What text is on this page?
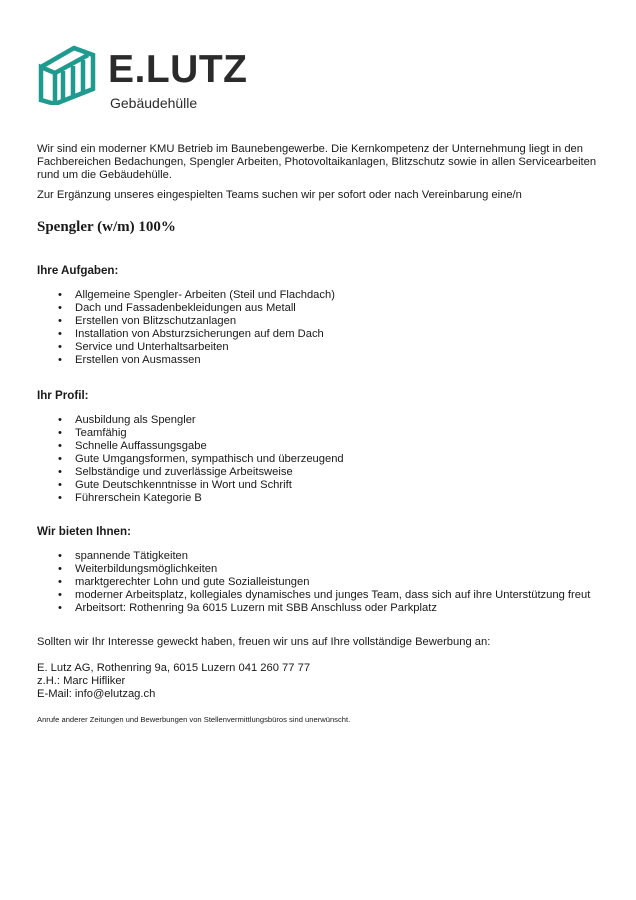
E.LUTZ
Gebäudehülle

Wir sind ein moderner KMU Betrieb im Baunebengewerbe. Die Kernkompetenz der Unternehmung liegt in den Fachbereichen Bedachungen, Spengler Arbeiten, Photovoltaikanlagen, Blitzschutz sowie in allen Servicearbeiten rund um die Gebäudehülle.

Zur Ergänzung unseres eingespielten Teams suchen wir per sofort oder nach Vereinbarung eine/n

Spengler (w/m) 100%

Ihre Aufgaben:

• Allgemeine Spengler- Arbeiten (Steil und Flachdach)
• Dach und Fassadenbekleidungen aus Metall
• Erstellen von Blitzschutzanlagen
• Installation von Absturzsicherungen auf dem Dach
• Service und Unterhaltsarbeiten
• Erstellen von Ausmassen

Ihr Profil:

• Ausbildung als Spengler
• Teamfähig
• Schnelle Auffassungsgabe
• Gute Umgangsformen, sympathisch und überzeugend
• Selbständige und zuverlässige Arbeitsweise
• Gute Deutschkenntnisse in Wort und Schrift
• Führerschein Kategorie B

Wir bieten Ihnen:

• spannende Tätigkeiten
• Weiterbildungsmöglichkeiten
• marktgerechter Lohn und gute Sozialleistungen
• moderner Arbeitsplatz, kollegiales dynamisches und junges Team, dass sich auf ihre Unterstützung freut
• Arbeitsort: Rothenring 9a 6015 Luzern mit SBB Anschluss oder Parkplatz

Sollten wir Ihr Interesse geweckt haben, freuen wir uns auf Ihre vollständige Bewerbung an:

E. Lutz AG, Rothenring 9a, 6015 Luzern 041 260 77 77

z.H.: Marc Hifliker

E-Mail: info@elutzag.ch

Anrufe anderer Zeitungen und Bewerbungen von Stellenvermittlungsbüros sind unerwünscht.
